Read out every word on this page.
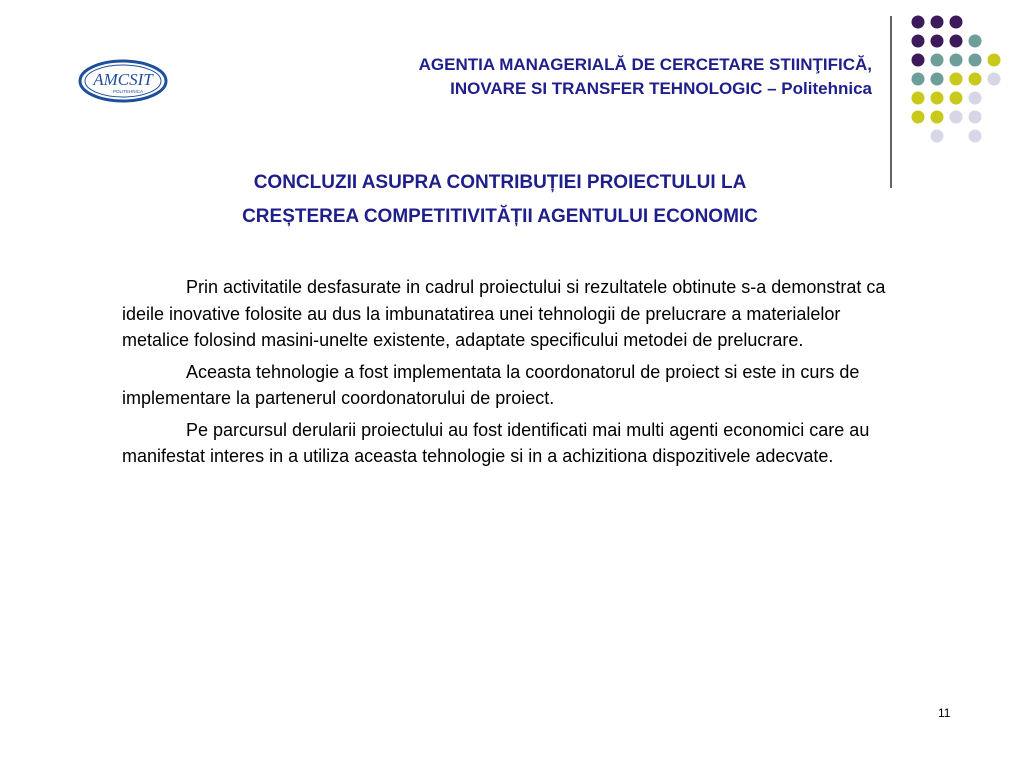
AMCSIT
POLITEHNICA
AGENTIA MANAGERIALĂ DE CERCETARE STIINŢIFICĂ,
INOVARE SI TRANSFER TEHNOLOGIC – Politehnica
CONCLUZII ASUPRA CONTRIBUȚIEI PROIECTULUI LA
CREȘTEREA COMPETITIVITĂȚII AGENTULUI ECONOMIC

Prin activitatile desfasurate in cadrul proiectului si rezultatele obtinute s-a demonstrat ca ideile inovative folosite au dus la imbunatatirea unei tehnologii de prelucrare a materialelor metalice folosind masini-unelte existente, adaptate specificului metodei de prelucrare.

Aceasta tehnologie a fost implementata la coordonatorul de proiect si este in curs de implementare la partenerul coordonatorului de proiect.

Pe parcursul derularii proiectului au fost identificati mai multi agenti economici care au manifestat interes in a utiliza aceasta tehnologie si in a achizitiona dispozitivele adecvate.

11
